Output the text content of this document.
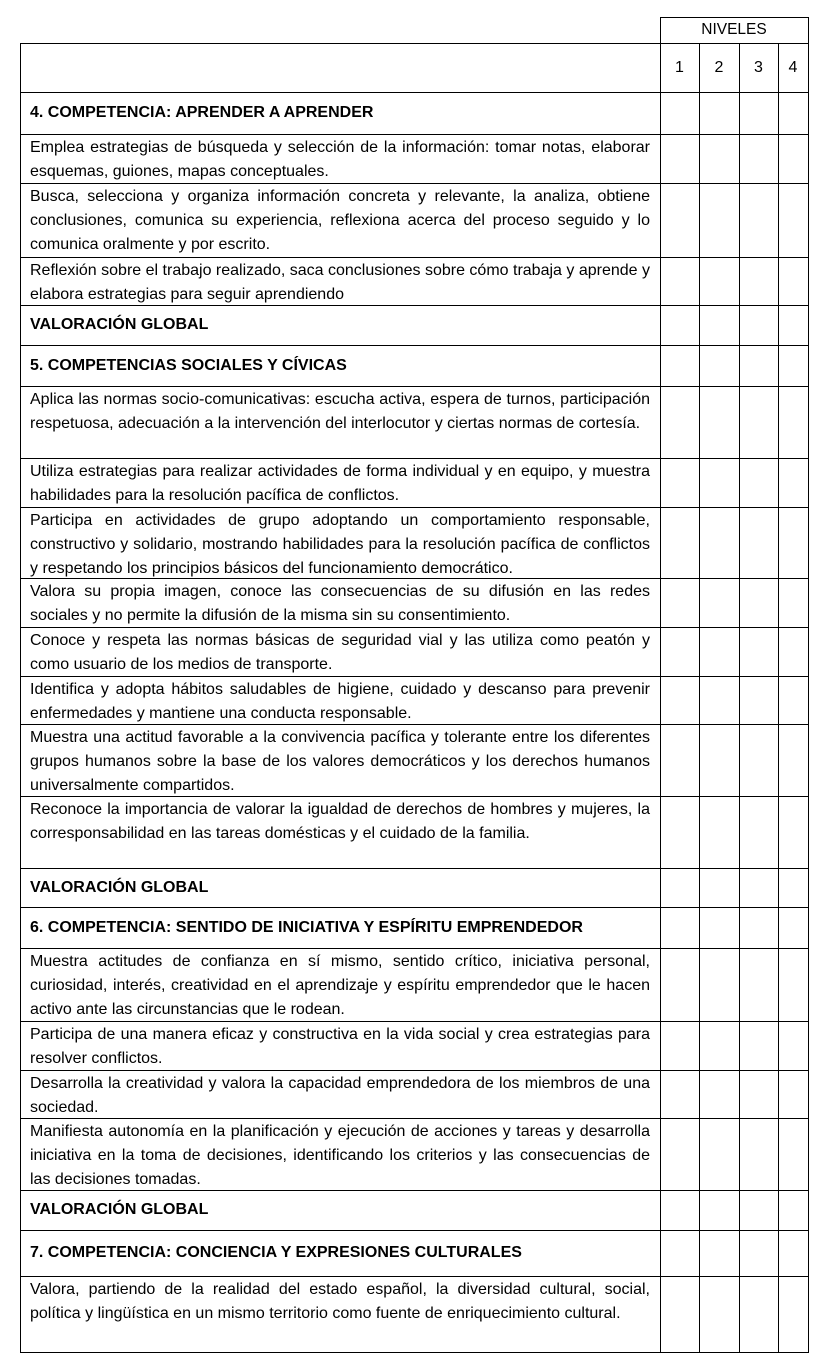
NIVELES
1	2	3	4
4. COMPETENCIA: APRENDER A APRENDER
Emplea estrategias de búsqueda y selección de la información: tomar notas, elaborar esquemas, guiones, mapas conceptuales.
Busca, selecciona y organiza información concreta y relevante, la analiza, obtiene conclusiones, comunica su experiencia, reflexiona acerca del proceso seguido y lo comunica oralmente y por escrito.
Reflexión sobre el trabajo realizado, saca conclusiones sobre cómo trabaja y aprende y elabora estrategias para seguir aprendiendo
VALORACIÓN GLOBAL
5. COMPETENCIAS SOCIALES Y CÍVICAS
Aplica las normas socio-comunicativas: escucha activa, espera de turnos, participación respetuosa, adecuación a la intervención del interlocutor y ciertas normas de cortesía.
Utiliza estrategias para realizar actividades de forma individual y en equipo, y muestra habilidades para la resolución pacífica de conflictos.
Participa en actividades de grupo adoptando un comportamiento responsable, constructivo y solidario, mostrando habilidades para la resolución pacífica de conflictos y respetando los principios básicos del funcionamiento democrático.
Valora su propia imagen, conoce las consecuencias de su difusión en las redes sociales y no permite la difusión de la misma sin su consentimiento.
Conoce y respeta las normas básicas de seguridad vial y las utiliza como peatón y como usuario de los medios de transporte.
Identifica y adopta hábitos saludables de higiene, cuidado y descanso para prevenir enfermedades y mantiene una conducta responsable.
Muestra una actitud favorable a la convivencia pacífica y tolerante entre los diferentes grupos humanos sobre la base de los valores democráticos y los derechos humanos universalmente compartidos.
Reconoce la importancia de valorar la igualdad de derechos de hombres y mujeres, la corresponsabilidad en las tareas domésticas y el cuidado de la familia.
VALORACIÓN GLOBAL
6. COMPETENCIA: SENTIDO DE INICIATIVA Y ESPÍRITU EMPRENDEDOR
Muestra actitudes de confianza en sí mismo, sentido crítico, iniciativa personal, curiosidad, interés, creatividad en el aprendizaje y espíritu emprendedor que le hacen activo ante las circunstancias que le rodean.
Participa de una manera eficaz y constructiva en la vida social y crea estrategias para resolver conflictos.
Desarrolla la creatividad y valora la capacidad emprendedora de los miembros de una sociedad.
Manifiesta autonomía en la planificación y ejecución de acciones y tareas y desarrolla iniciativa en la toma de decisiones, identificando los criterios y las consecuencias de las decisiones tomadas.
VALORACIÓN GLOBAL
7. COMPETENCIA: CONCIENCIA Y EXPRESIONES CULTURALES
Valora, partiendo de la realidad del estado español, la diversidad cultural, social, política y lingüística en un mismo territorio como fuente de enriquecimiento cultural.
